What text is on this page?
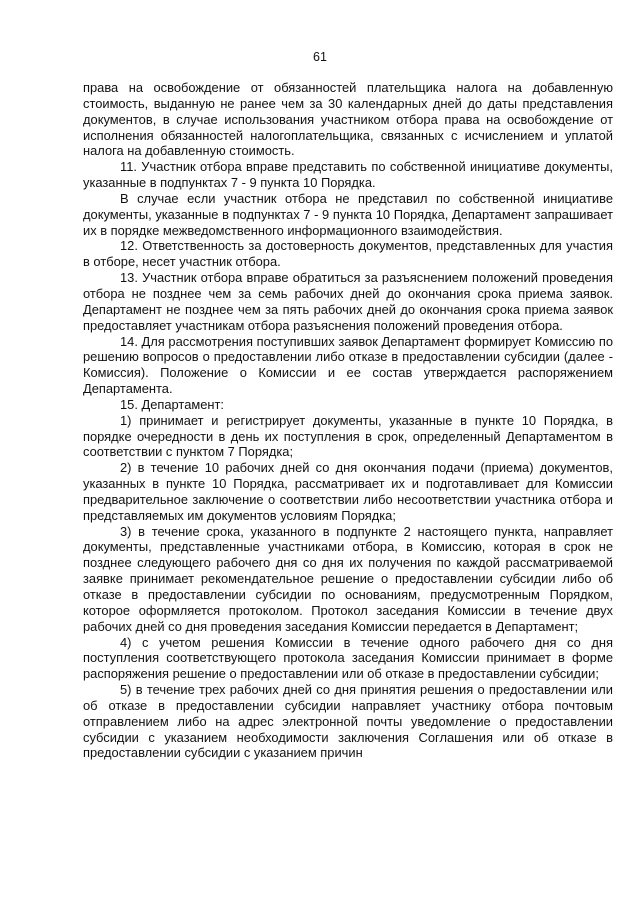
61

права на освобождение от обязанностей плательщика налога на добавленную стоимость, выданную не ранее чем за 30 календарных дней до даты представления документов, в случае использования участником отбора права на освобождение от исполнения обязанностей налогоплательщика, связанных с исчислением и уплатой налога на добавленную стоимость.

11. Участник отбора вправе представить по собственной инициативе документы, указанные в подпунктах 7 - 9 пункта 10 Порядка.

В случае если участник отбора не представил по собственной инициативе документы, указанные в подпунктах 7 - 9 пункта 10 Порядка, Департамент запрашивает их в порядке межведомственного информационного взаимодействия.

12. Ответственность за достоверность документов, представленных для участия в отборе, несет участник отбора.

13. Участник отбора вправе обратиться за разъяснением положений проведения отбора не позднее чем за семь рабочих дней до окончания срока приема заявок. Департамент не позднее чем за пять рабочих дней до окончания срока приема заявок предоставляет участникам отбора разъяснения положений проведения отбора.

14. Для рассмотрения поступивших заявок Департамент формирует Комиссию по решению вопросов о предоставлении либо отказе в предоставлении субсидии (далее - Комиссия). Положение о Комиссии и ее состав утверждается распоряжением Департамента.

15. Департамент:

1) принимает и регистрирует документы, указанные в пункте 10 Порядка, в порядке очередности в день их поступления в срок, определенный Департаментом в соответствии с пунктом 7 Порядка;

2) в течение 10 рабочих дней со дня окончания подачи (приема) документов, указанных в пункте 10 Порядка, рассматривает их и подготавливает для Комиссии предварительное заключение о соответствии либо несоответствии участника отбора и представляемых им документов условиям Порядка;

3) в течение срока, указанного в подпункте 2 настоящего пункта, направляет документы, представленные участниками отбора, в Комиссию, которая в срок не позднее следующего рабочего дня со дня их получения по каждой рассматриваемой заявке принимает рекомендательное решение о предоставлении субсидии либо об отказе в предоставлении субсидии по основаниям, предусмотренным Порядком, которое оформляется протоколом. Протокол заседания Комиссии в течение двух рабочих дней со дня проведения заседания Комиссии передается в Департамент;

4) с учетом решения Комиссии в течение одного рабочего дня со дня поступления соответствующего протокола заседания Комиссии принимает в форме распоряжения решение о предоставлении или об отказе в предоставлении субсидии;

5) в течение трех рабочих дней со дня принятия решения о предоставлении или об отказе в предоставлении субсидии направляет участнику отбора почтовым отправлением либо на адрес электронной почты уведомление о предоставлении субсидии с указанием необходимости заключения Соглашения или об отказе в предоставлении субсидии с указанием причин
